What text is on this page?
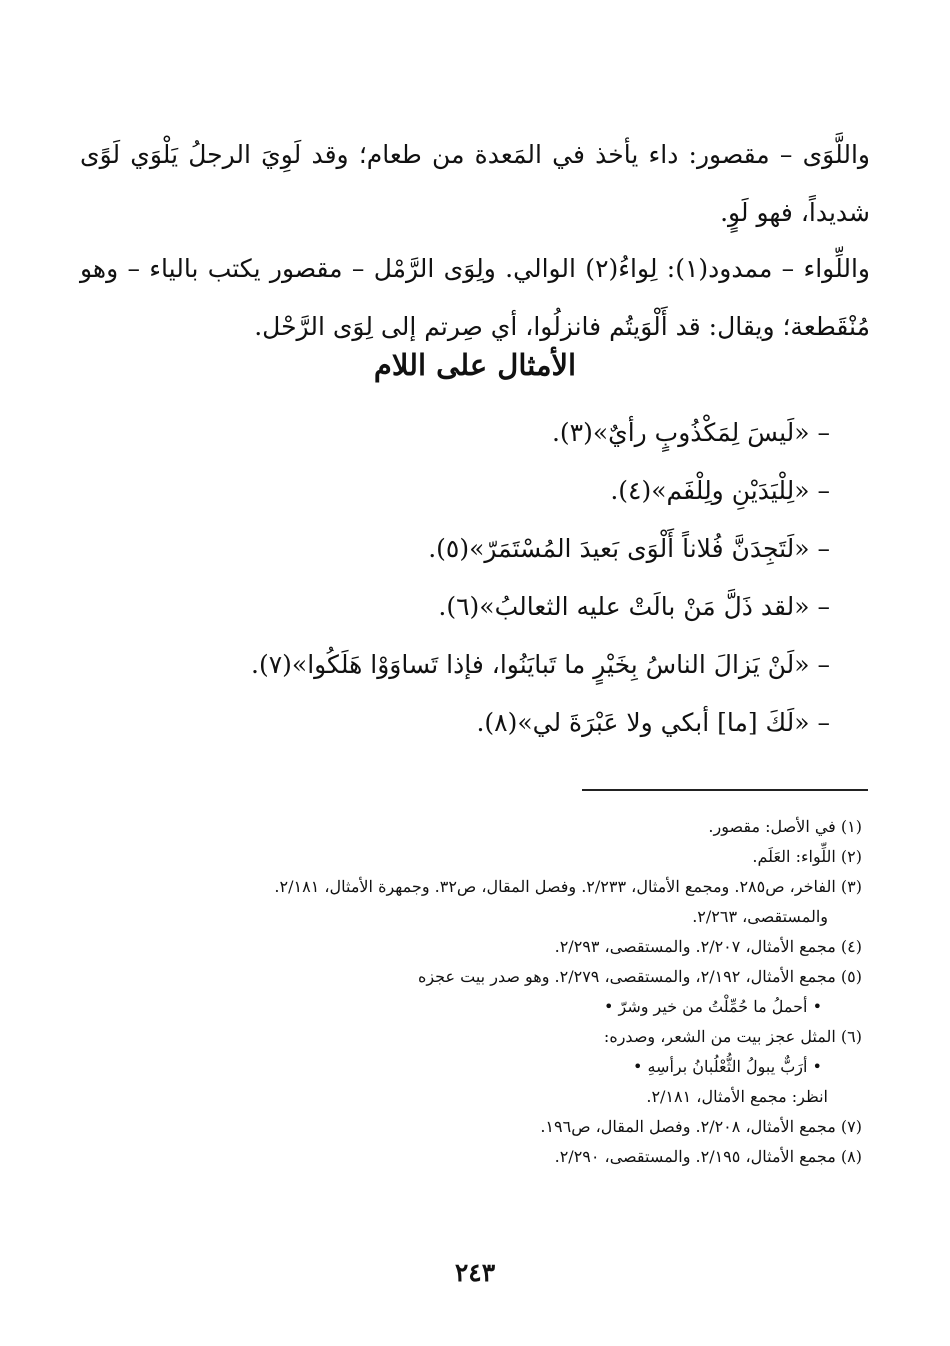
واللَّوَى – مقصور: داء يأخذ في المَعدة من طعام؛ وقد لَوِيَ الرجلُ يَلْوَي لَوًى شديداً، فهو لَوٍ.

واللِّواء – ممدود(١): لِواءُ(٢) الوالي. ولِوَى الرَّمْل – مقصور يكتب بالياء – وهو مُنْقَطعة؛ ويقال: قد أَلْوَيتُم فانزلُوا، أي صِرتم إلى لِوَى الرَّحْل.

الأمثال على اللام
– «لَيسَ لِمَكْذُوبٍ رأيٌ»(٣).
– «لِلْيَدَيْنِ ولِلْفَم»(٤).
– «لَتَجِدَنَّ فُلاناً أَلْوَى بَعيدَ المُسْتَمَرّ»(٥).
– «لقد ذَلَّ مَنْ بالَتْ عليه الثعالبُ»(٦).
– «لَنْ يَزالَ الناسُ بِخَيْرٍ ما تَبايَنُوا، فإذا تَساوَوْا هَلَكُوا»(٧).
– «لَكَ [ما] أبكي ولا عَبْرَةَ لي»(٨).
(١) في الأصل: مقصور.
(٢) اللِّواء: العَلَم.
(٣) الفاخر، ص٢٨٥. ومجمع الأمثال، ٢/٢٣٣. وفصل المقال، ص٣٢. وجمهرة الأمثال، ٢/١٨١.
والمستقصى، ٢/٢٦٣.
(٤) مجمع الأمثال، ٢/٢٠٧. والمستقصى، ٢/٢٩٣.
(٥) مجمع الأمثال، ٢/١٩٢، والمستقصى، ٢/٢٧٩. وهو صدر بيت عجزه
• أحملُ ما حُمِّلْتُ من خير وشرّ •
(٦) المثل عجز بيت من الشعر، وصدره:
• أرَبٌّ يبولُ الثُّعْلُبانُ برأسِهِ •
انظر: مجمع الأمثال، ٢/١٨١.
(٧) مجمع الأمثال، ٢/٢٠٨. وفصل المقال، ص١٩٦.
(٨) مجمع الأمثال، ٢/١٩٥. والمستقصى، ٢/٢٩٠.

٢٤٣
